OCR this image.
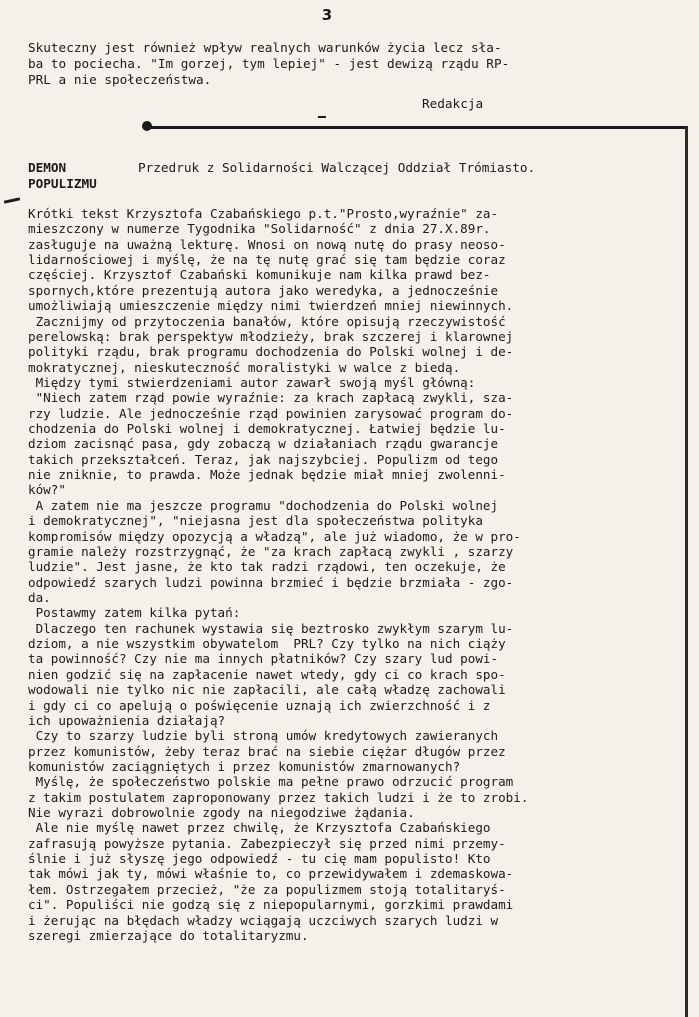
3
Skuteczny jest również wpływ realnych warunków życia lecz sła-
ba to pociecha. "Im gorzej, tym lepiej" - jest dewizą rządu RP-
PRL a nie społeczeństwa.
Redakcja
DEMON
POPULIZMU
Przedruk z Solidarności Walczącej Oddział Trómiasto.
Krótki tekst Krzysztofa Czabańskiego p.t."Prosto,wyraźnie" za-
mieszczony w numerze Tygodnika "Solidarność" z dnia 27.X.89r.
zasługuje na uważną lekturę. Wnosi on nową nutę do prasy neoso-
lidarnościowej i myślę, że na tę nutę grać się tam będzie coraz
częściej. Krzysztof Czabański komunikuje nam kilka prawd bez-
spornych,które prezentują autora jako weredyka, a jednocześnie
umożliwiają umieszczenie między nimi twierdzeń mniej niewinnych.
Zacznijmy od przytoczenia banałów, które opisują rzeczywistość
perelowską: brak perspektyw młodzieży, brak szczerej i klarownej
polityki rządu, brak programu dochodzenia do Polski wolnej i de-
mokratycznej, nieskuteczność moralistyki w walce z biedą.
Między tymi stwierdzeniami autor zawarł swoją myśl główną:
"Niech zatem rząd powie wyraźnie: za krach zapłacą zwykli, sza-
rzy ludzie. Ale jednocześnie rząd powinien zarysować program do-
chodzenia do Polski wolnej i demokratycznej. Łatwiej będzie lu-
dziom zacisnąć pasa, gdy zobaczą w działaniach rządu gwarancje
takich przekształceń. Teraz, jak najszybciej. Populizm od tego
nie zniknie, to prawda. Może jednak będzie miał mniej zwolenni-
ków?"
A zatem nie ma jeszcze programu "dochodzenia do Polski wolnej
i demokratycznej", "niejasna jest dla społeczeństwa polityka
kompromisów między opozycją a władzą", ale już wiadomo, że w pro-
gramie należy rozstrzygnąć, że "za krach zapłacą zwykli , szarzy
ludzie". Jest jasne, że kto tak radzi rządowi, ten oczekuje, że
odpowiedź szarych ludzi powinna brzmieć i będzie brzmiała - zgo-
da.
Postawmy zatem kilka pytań:
Dlaczego ten rachunek wystawia się beztrosko zwykłym szarym lu-
dziom, a nie wszystkim obywatelom  PRL? Czy tylko na nich ciąży
ta powinność? Czy nie ma innych płatników? Czy szary lud powi-
nien godzić się na zapłacenie nawet wtedy, gdy ci co krach spo-
wodowali nie tylko nic nie zapłacili, ale całą władzę zachowali
i gdy ci co apelują o poświęcenie uznają ich zwierzchność i z
ich upoważnienia działają?
Czy to szarzy ludzie byli stroną umów kredytowych zawieranych
przez komunistów, żeby teraz brać na siebie ciężar długów przez
komunistów zaciągniętych i przez komunistów zmarnowanych?
Myślę, że społeczeństwo polskie ma pełne prawo odrzucić program
z takim postulatem zaproponowany przez takich ludzi i że to zrobi.
Nie wyrazi dobrowolnie zgody na niegodziwe żądania.
Ale nie myślę nawet przez chwilę, że Krzysztofa Czabańskiego
zafrasują powyższe pytania. Zabezpieczył się przed nimi przemy-
ślnie i już słyszę jego odpowiedź - tu cię mam populisto! Kto
tak mówi jak ty, mówi właśnie to, co przewidywałem i zdemaskowa-
łem. Ostrzegałem przecież, "że za populizmem stoją totalitaryś-
ci". Populiści nie godzą się z niepopularnymi, gorzkimi prawdami
i żerując na błędach władzy wciągają uczciwych szarych ludzi w
szeregi zmierzające do totalitaryzmu.
